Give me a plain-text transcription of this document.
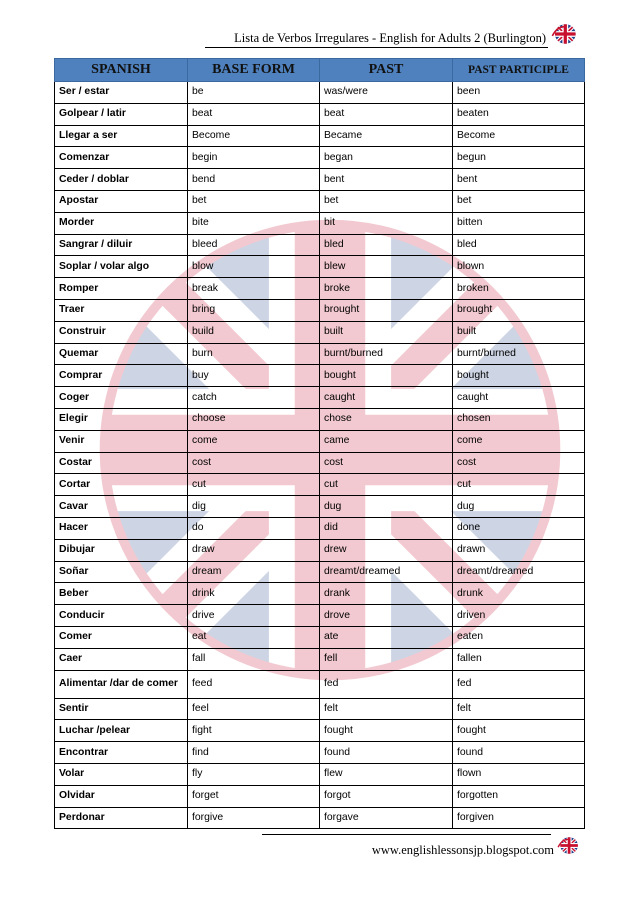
Lista de Verbos Irregulares - English for Adults 2 (Burlington)
SPANISH	BASE FORM	PAST	PAST PARTICIPLE
Ser / estar	be	was/were	been
Golpear / latir	beat	beat	beaten
Llegar a ser	Become	Became	Become
Comenzar	begin	began	begun
Ceder / doblar	bend	bent	bent
Apostar	bet	bet	bet
Morder	bite	bit	bitten
Sangrar / diluir	bleed	bled	bled
Soplar / volar algo	blow	blew	blown
Romper	break	broke	broken
Traer	bring	brought	brought
Construir	build	built	built
Quemar	burn	burnt/burned	burnt/burned
Comprar	buy	bought	bought
Coger	catch	caught	caught
Elegir	choose	chose	chosen
Venir	come	came	come
Costar	cost	cost	cost
Cortar	cut	cut	cut
Cavar	dig	dug	dug
Hacer	do	did	done
Dibujar	draw	drew	drawn
Soñar	dream	dreamt/dreamed	dreamt/dreamed
Beber	drink	drank	drunk
Conducir	drive	drove	driven
Comer	eat	ate	eaten
Caer	fall	fell	fallen
Alimentar /dar de comer	feed	fed	fed
Sentir	feel	felt	felt
Luchar /pelear	fight	fought	fought
Encontrar	find	found	found
Volar	fly	flew	flown
Olvidar	forget	forgot	forgotten
Perdonar	forgive	forgave	forgiven
www.englishlessonsjp.blogspot.com
